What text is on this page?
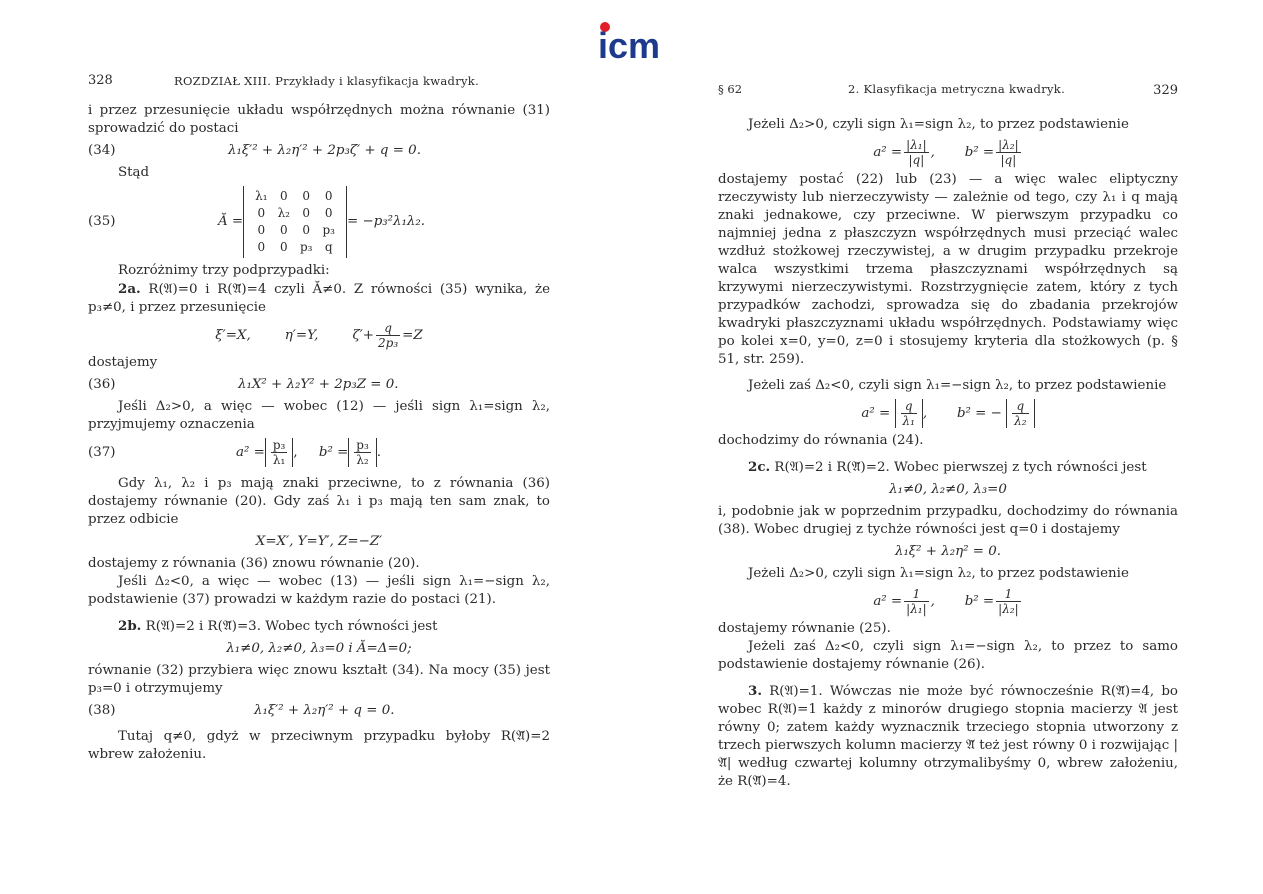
icm
328	ROZDZIAŁ XIII. Przykłady i klasyfikacja kwadryk.

i przez przesunięcie układu współrzędnych można równanie (31) sprowadzić do postaci

(34)	λ₁ξ′² + λ₂η′² + 2p₃ζ′ + q = 0.

Stąd

(35)	Ă =
λ₁	0	0	0
0	λ₂	0	0
0	0	0	p₃
0	0	p₃	q
= −p₃²λ₁λ₂.

Rozróżnimy trzy podprzypadki:

2a. R(𝔄)=0 i R(𝔄̆)=4 czyli Ă≠0. Z równości (35) wynika, że p₃≠0, i przez przesunięcie

ξ′=X,	η′=Y,	$\zeta'+ \frac{q}{\text{2p₃}} =Z$

dostajemy

(36)	λ₁X² + λ₂Y² + 2p₃Z = 0.

Jeśli Δ₂>0, a więc — wobec (12) — jeśli sign λ₁=sign λ₂, przyjmujemy oznaczenia

(37)	$a^2 = \frac{\text{p₃}}{\text{λ₁}}$ , $b^2 = \frac{\text{p₃}}{\text{λ₂}}$ .

Gdy λ₁, λ₂ i p₃ mają znaki przeciwne, to z równania (36) dostajemy równanie (20). Gdy zaś λ₁ i p₃ mają ten sam znak, to przez odbicie

X=X′, Y=Y′, Z=−Z′

dostajemy z równania (36) znowu równanie (20).

Jeśli Δ₂<0, a więc — wobec (13) — jeśli sign λ₁=−sign λ₂, podstawienie (37) prowadzi w każdym razie do postaci (21).

2b. R(𝔄)=2 i R(𝔄̆)=3. Wobec tych równości jest

λ₁≠0, λ₂≠0, λ₃=0 i Ă=Δ=0;

równanie (32) przybiera więc znowu kształt (34). Na mocy (35) jest p₃=0 i otrzymujemy

(38)	λ₁ξ′² + λ₂η′² + q = 0.

Tutaj q≠0, gdyż w przeciwnym przypadku byłoby R(𝔄̆)=2 wbrew założeniu.

§ 62	2. Klasyfikacja metryczna kwadryk.	329

Jeżeli Δ₂>0, czyli sign λ₁=sign λ₂, to przez podstawienie

$a^2 = \frac{\text{|λ₁|}}{|q|}$ ,       $b^2 = \frac{\text{|λ₂|}}{|q|}$

dostajemy postać (22) lub (23) — a więc walec eliptyczny rzeczywisty lub nierzeczywisty — zależnie od tego, czy λ₁ i q mają znaki jednakowe, czy przeciwne. W pierwszym przypadku co najmniej jedna z płaszczyzn współrzędnych musi przeciąć walec wzdłuż stożkowej rzeczywistej, a w drugim przypadku przekroje walca wszystkimi trzema płaszczyznami współrzędnych są krzywymi nierzeczywistymi. Rozstrzygnięcie zatem, który z tych przypadków zachodzi, sprowadza się do zbadania przekrojów kwadryki płaszczyznami układu współrzędnych. Podstawiamy więc po kolei x=0, y=0, z=0 i stosujemy kryteria dla stożkowych (p. § 51, str. 259).

Jeżeli zaś Δ₂<0, czyli sign λ₁=−sign λ₂, to przez podstawienie

$a^2 = \frac{q}{\text{λ₁}}$ ,       b² = − $\frac{q}{\text{λ₂}}$

dochodzimy do równania (24).

2c. R(𝔄)=2 i R(𝔄̆)=2. Wobec pierwszej z tych równości jest

λ₁≠0, λ₂≠0, λ₃=0

i, podobnie jak w poprzednim przypadku, dochodzimy do równania (38). Wobec drugiej z tychże równości jest q=0 i dostajemy

λ₁ξ² + λ₂η² = 0.

Jeżeli Δ₂>0, czyli sign λ₁=sign λ₂, to przez podstawienie

$a^2 = \frac{1}{\text{|λ₁|}}$ ,       $b^2 = \frac{1}{\text{|λ₂|}}$

dostajemy równanie (25).

Jeżeli zaś Δ₂<0, czyli sign λ₁=−sign λ₂, to przez to samo podstawienie dostajemy równanie (26).

3. R(𝔄)=1. Wówczas nie może być równocześnie R(𝔄̆)=4, bo wobec R(𝔄)=1 każdy z minorów drugiego stopnia macierzy 𝔄 jest równy 0; zatem każdy wyznacznik trzeciego stopnia utworzony z trzech pierwszych kolumn macierzy 𝔄̆ też jest równy 0 i rozwijając |𝔄̆| według czwartej kolumny otrzymalibyśmy 0, wbrew założeniu, że R(𝔄̆)=4.
